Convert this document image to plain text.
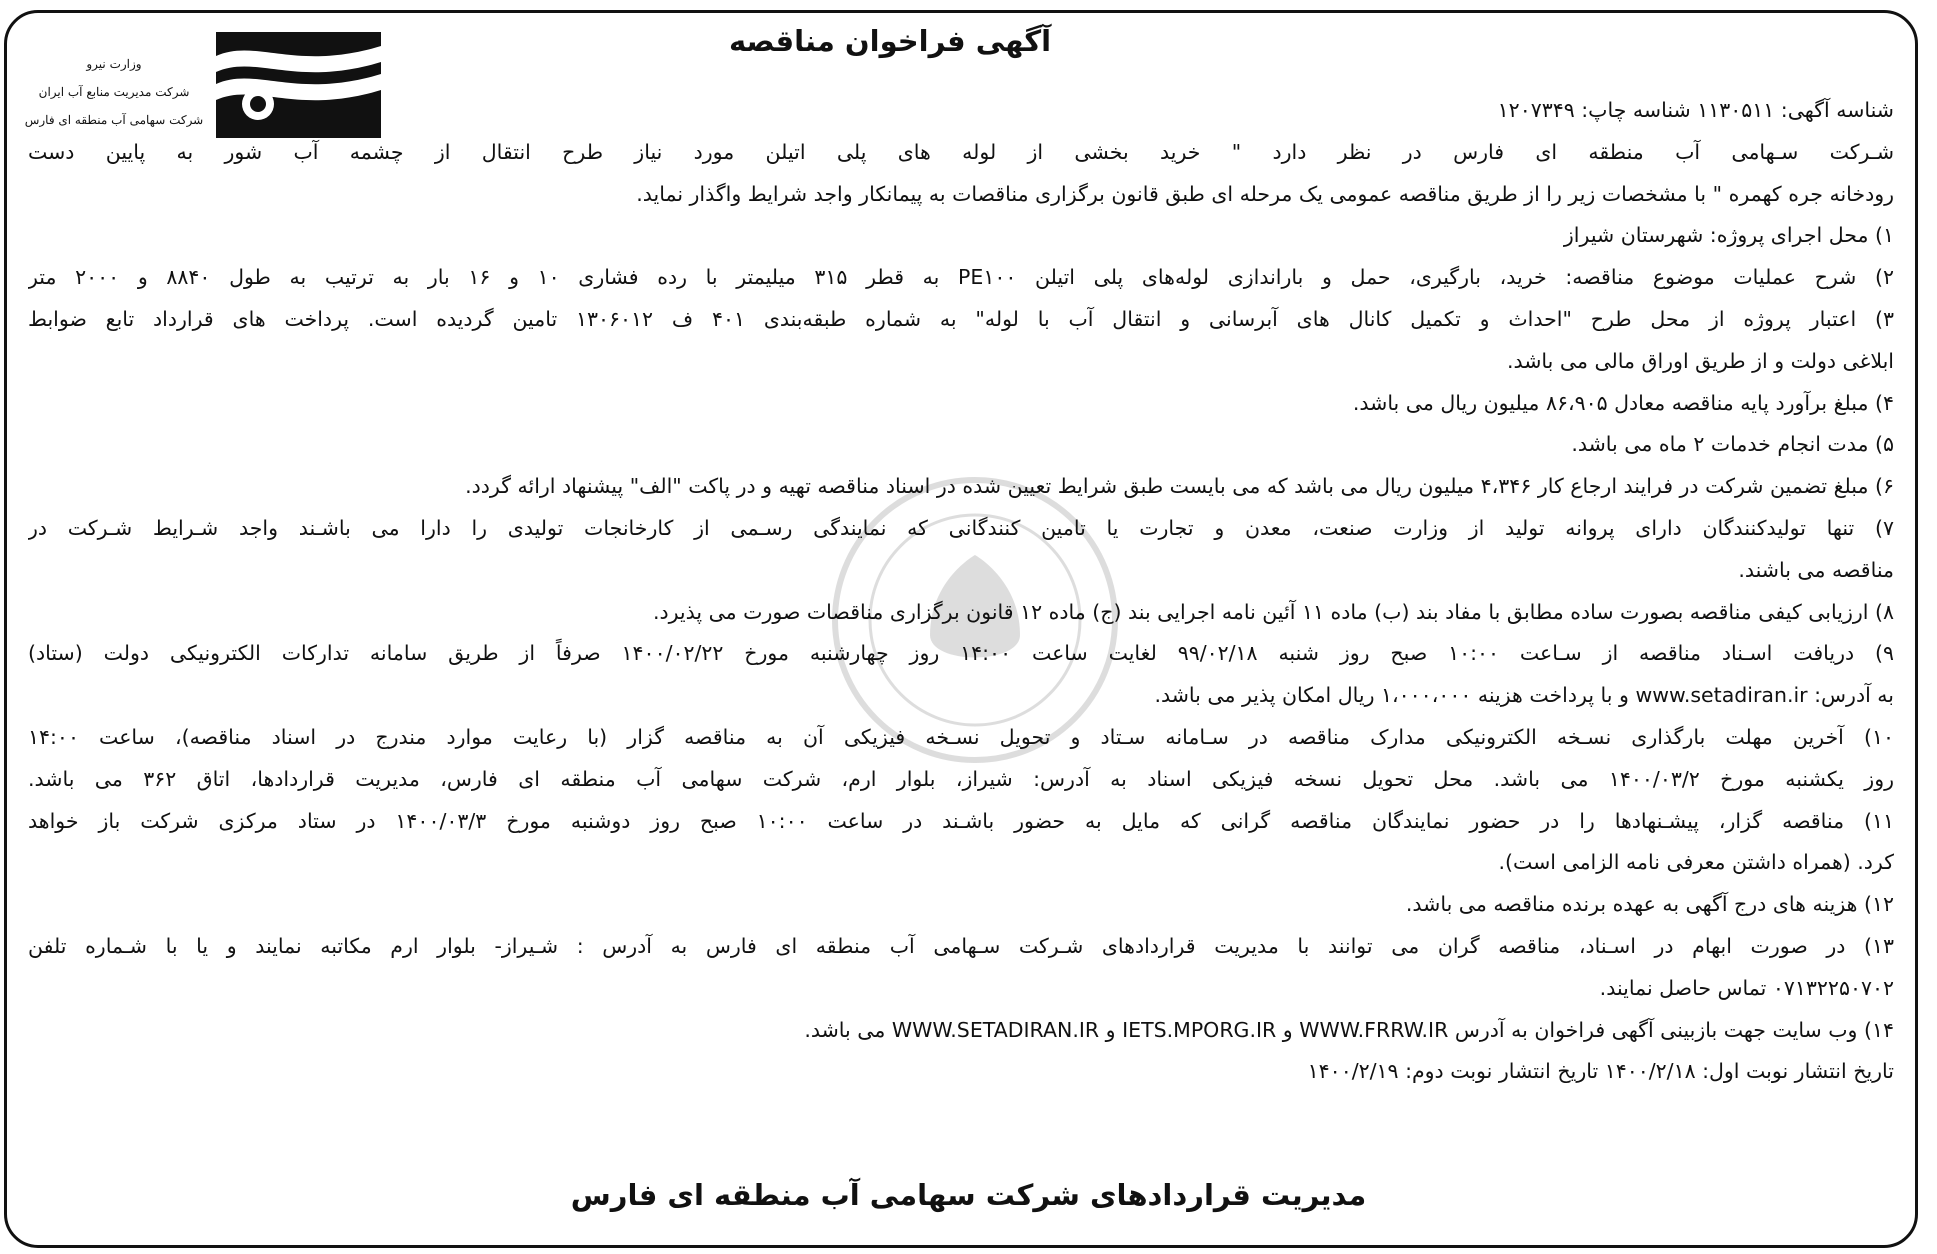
وزارت نیرو
شرکت مدیریت منابع آب ایران
شرکت سهامی آب منطقه ای فارس
آگهی فراخوان مناقصه
شناسه آگهی: ۱۱۳۰۵۱۱ شناسه چاپ: ۱۲۰۷۳۴۹
شـرکت سـهامی آب منطقه ای فارس در نظر دارد " خرید بخشی از لوله های پلی اتیلن مورد نیاز طرح انتقال از چشمه آب شور به پایین دست
رودخانه جره کهمره " با مشخصات زیر را از طریق مناقصه عمومی یک مرحله ای طبق قانون برگزاری مناقصات به پیمانکار واجد شرایط واگذار نماید.
۱) محل اجرای پروژه: شهرستان شیراز
۲) شرح عملیات موضوع مناقصه: خرید، بارگیری، حمل و باراندازی لوله‌های پلی اتیلن PE۱۰۰ به قطر ۳۱۵ میلیمتر با رده فشاری ۱۰ و ۱۶ بار به ترتیب به طول ۸۸۴۰ و ۲۰۰۰ متر
۳) اعتبار پروژه از محل طرح "احداث و تکمیل کانال های آبرسانی و انتقال آب با لوله" به شماره طبقه‌بندی ۴۰۱ ف ۱۳۰۶۰۱۲ تامین گردیده است. پرداخت های قرارداد تابع ضوابط
ابلاغی دولت و از طریق اوراق مالی می باشد.
۴) مبلغ برآورد پایه مناقصه معادل ۸۶،۹۰۵ میلیون ریال می باشد.
۵) مدت انجام خدمات ۲ ماه می باشد.
۶) مبلغ تضمین شرکت در فرایند ارجاع کار ۴،۳۴۶ میلیون ریال می باشد که می بایست طبق شرایط تعیین شده در اسناد مناقصه تهیه و در پاکت "الف" پیشنهاد ارائه گردد.
۷) تنها تولیدکنندگان دارای پروانه تولید از وزارت صنعت، معدن و تجارت یا تامین کنندگانی که نمایندگی رسـمی از کارخانجات تولیدی را دارا می باشـند واجد شـرایط شـرکت در
مناقصه می باشند.
۸) ارزیابی کیفی مناقصه بصورت ساده مطابق با مفاد بند (ب) ماده ۱۱ آئین نامه اجرایی بند (ج) ماده ۱۲ قانون برگزاری مناقصات صورت می پذیرد.
۹) دریافت اسـناد مناقصه از سـاعت ۱۰:۰۰ صبح روز شنبه ۹۹/۰۲/۱۸ لغایت ساعت ۱۴:۰۰ روز چهارشنبه مورخ ۱۴۰۰/۰۲/۲۲ صرفاً از طریق سامانه تدارکات الکترونیکی دولت (ستاد)
به آدرس: www.setadiran.ir و با پرداخت هزینه ۱،۰۰۰،۰۰۰ ریال امکان پذیر می باشد.
۱۰) آخرین مهلت بارگذاری نسـخه الکترونیکی مدارک مناقصه در سـامانه سـتاد و تحویل نسـخه فیزیکی آن به مناقصه گزار (با رعایت موارد مندرج در اسناد مناقصه)، ساعت ۱۴:۰۰
روز یکشنبه مورخ ۱۴۰۰/۰۳/۲ می باشد. محل تحویل نسخه فیزیکی اسناد به آدرس: شیراز، بلوار ارم، شرکت سهامی آب منطقه ای فارس، مدیریت قراردادها، اتاق ۳۶۲ می باشد.
۱۱) مناقصه گزار، پیشـنهادها را در حضور نمایندگان مناقصه گرانی که مایل به حضور باشـند در ساعت ۱۰:۰۰ صبح روز دوشنبه مورخ ۱۴۰۰/۰۳/۳ در ستاد مرکزی شرکت باز خواهد
کرد. (همراه داشتن معرفی نامه الزامی است).
۱۲) هزینه های درج آگهی به عهده برنده مناقصه می باشد.
۱۳) در صورت ابهام در اسـناد، مناقصه گران می توانند با مدیریت قراردادهای شـرکت سـهامی آب منطقه ای فارس به آدرس : شـیراز- بلوار ارم مکاتبه نمایند و یا با شـماره تلفن
۰۷۱۳۲۲۵۰۷۰۲ تماس حاصل نمایند.
۱۴) وب سایت جهت بازبینی آگهی فراخوان به آدرس WWW.FRRW.IR و IETS.MPORG.IR و WWW.SETADIRAN.IR می باشد.
تاریخ انتشار نوبت اول: ۱۴۰۰/۲/۱۸ تاریخ انتشار نوبت دوم: ۱۴۰۰/۲/۱۹
مدیریت قراردادهای شرکت سهامی آب منطقه ای فارس
